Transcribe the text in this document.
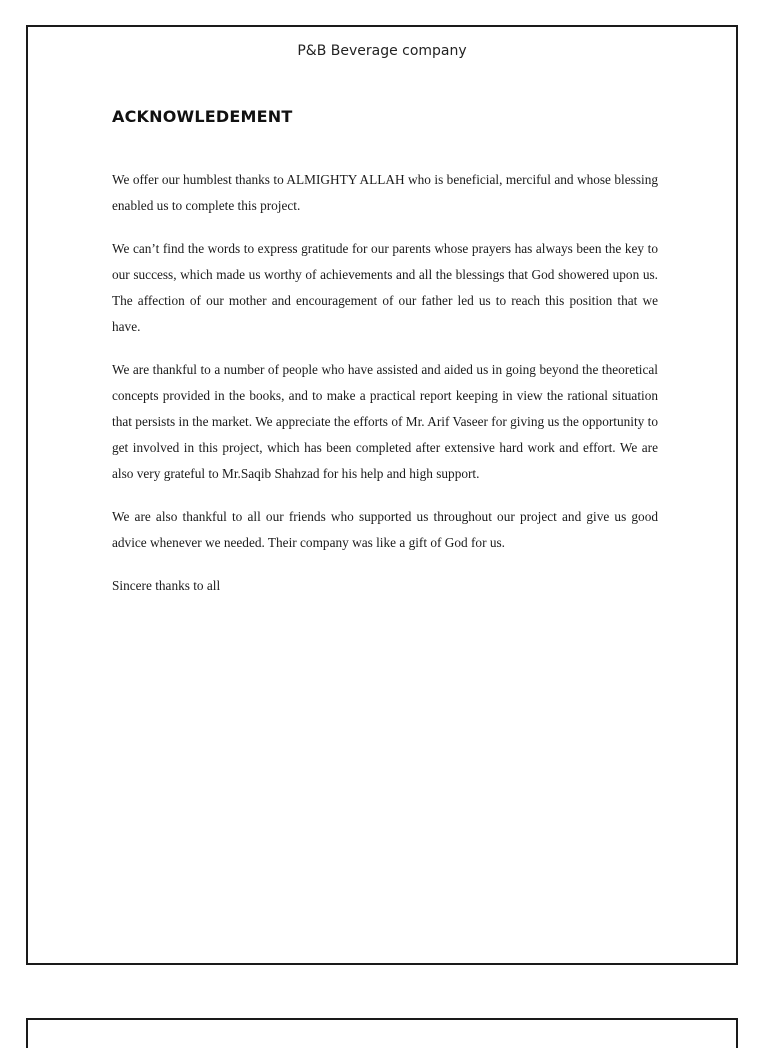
P&B Beverage company
ACKNOWLEDEMENT

We offer our humblest thanks to ALMIGHTY ALLAH who is beneficial, merciful and whose blessing enabled us to complete this project.

We can’t find the words to express gratitude for our parents whose prayers has always been the key to our success, which made us worthy of achievements and all the blessings that God showered upon us. The affection of our mother and encouragement of our father led us to reach this position that we have.

We are thankful to a number of people who have assisted and aided us in going beyond the theoretical concepts provided in the books, and to make a practical report keeping in view the rational situation that persists in the market. We appreciate the efforts of Mr. Arif Vaseer for giving us the opportunity to get involved in this project, which has been completed after extensive hard work and effort. We are also very grateful to Mr.Saqib Shahzad for his help and high support.

We are also thankful to all our friends who supported us throughout our project and give us good advice whenever we needed. Their company was like a gift of God for us.

Sincere thanks to all
